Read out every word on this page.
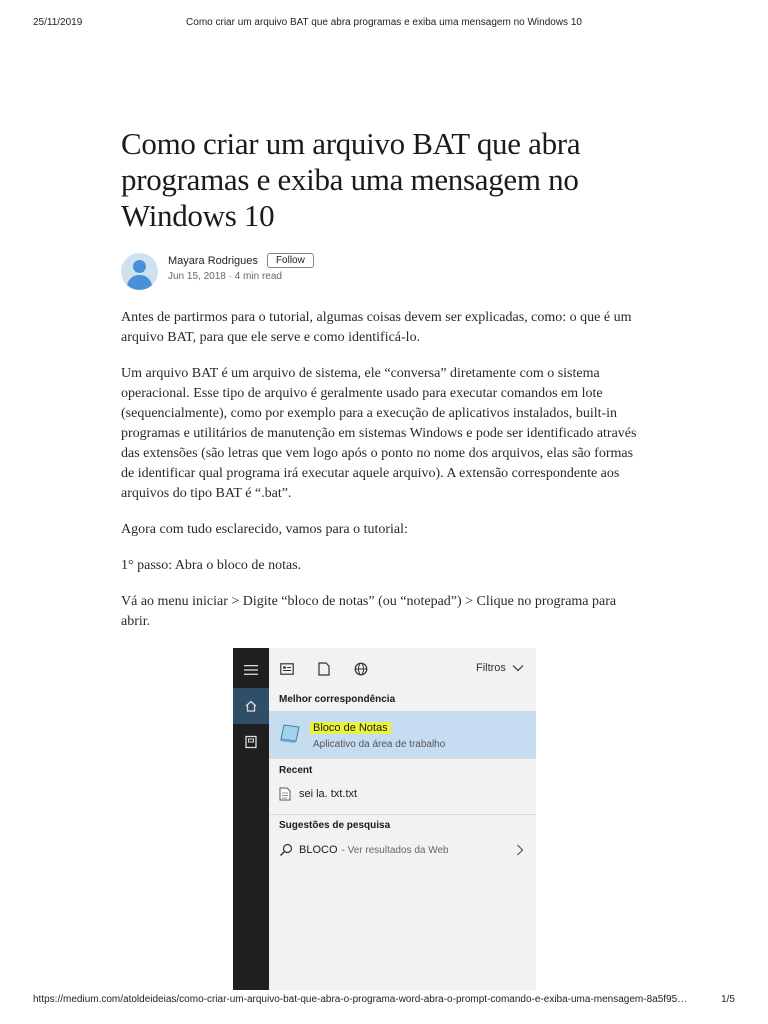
25/11/2019	Como criar um arquivo BAT que abra programas e exiba uma mensagem no Windows 10
Como criar um arquivo BAT que abra
programas e exiba uma mensagem no
Windows 10
Mayara Rodrigues Follow
Jun 15, 2018 · 4 min read

Antes de partirmos para o tutorial, algumas coisas devem ser explicadas, como: o que é um arquivo BAT, para que ele serve e como identificá-lo.

Um arquivo BAT é um arquivo de sistema, ele “conversa” diretamente com o sistema operacional. Esse tipo de arquivo é geralmente usado para executar comandos em lote (sequencialmente), como por exemplo para a execução de aplicativos instalados, built-in programas e utilitários de manutenção em sistemas Windows e pode ser identificado através das extensões (são letras que vem logo após o ponto no nome dos arquivos, elas são formas de identificar qual programa irá executar aquele arquivo). A extensão correspondente aos arquivos do tipo BAT é “.bat”.

Agora com tudo esclarecido, vamos para o tutorial:

1° passo: Abra o bloco de notas.

Vá ao menu iniciar > Digite “bloco de notas” (ou “notepad”) > Clique no programa para abrir.

Filtros
Melhor correspondência
Bloco de Notas
Aplicativo da área de trabalho
Recent
sei la. txt.txt
Sugestões de pesquisa
BLOCO - Ver resultados da Web
https://medium.com/atoldeideias/como-criar-um-arquivo-bat-que-abra-o-programa-word-abra-o-prompt-comando-e-exiba-uma-mensagem-8a5f95…	1/5
